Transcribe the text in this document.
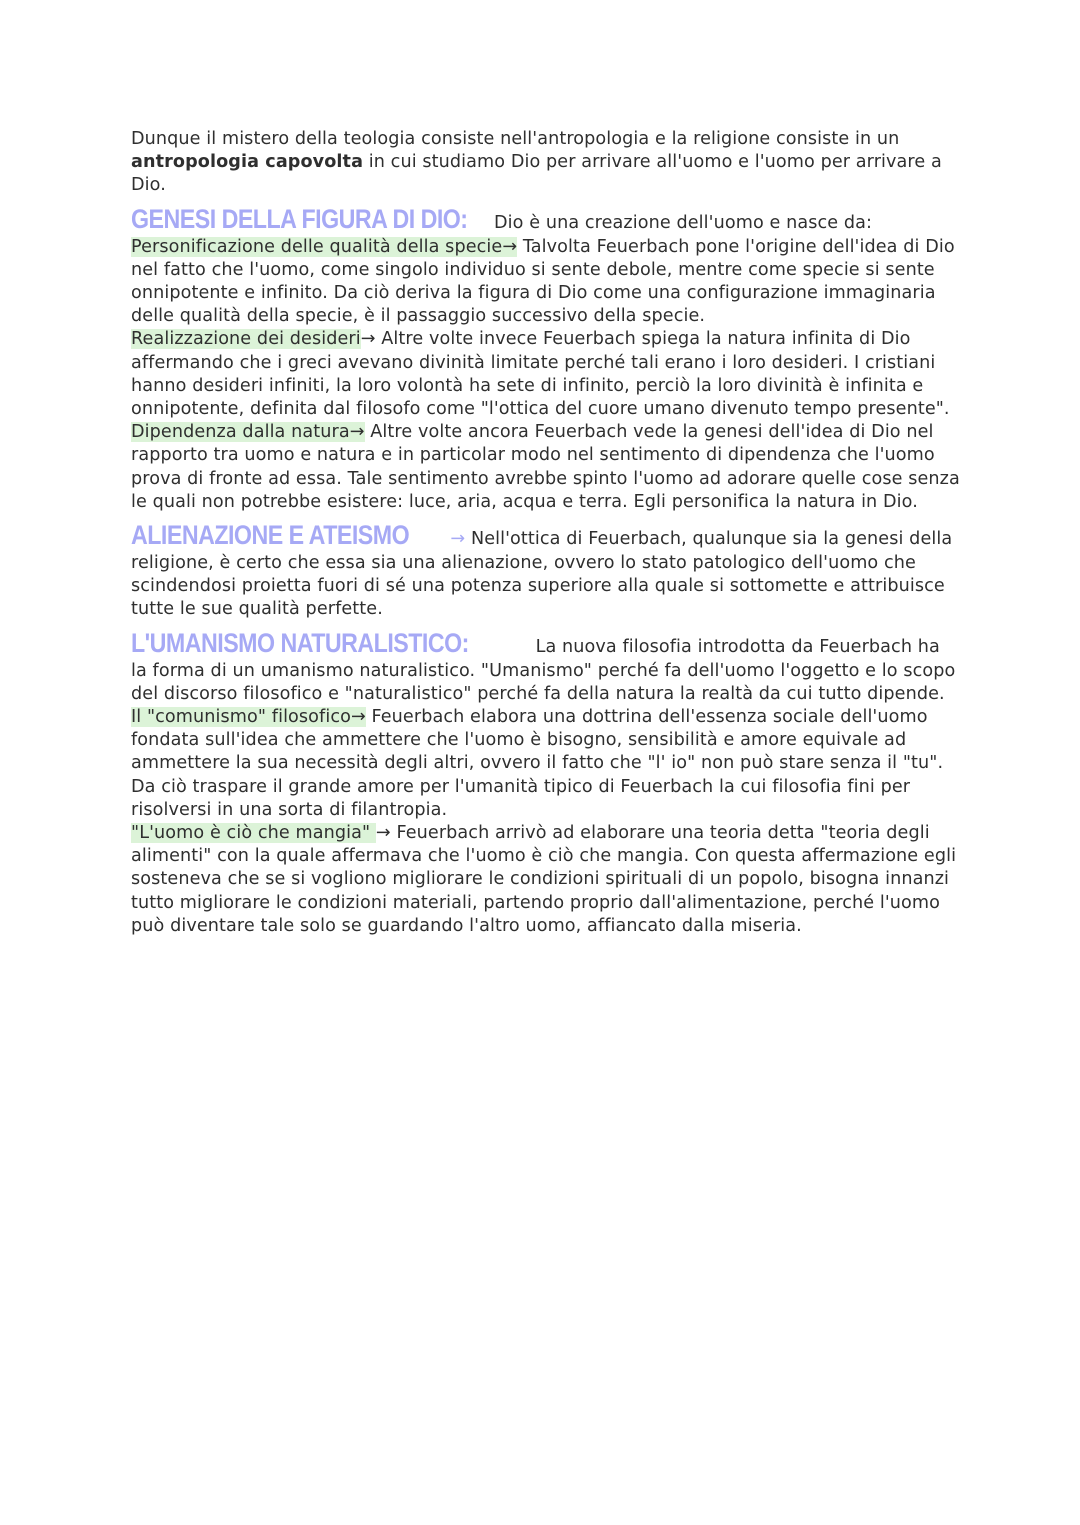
Dunque il mistero della teologia consiste nell'antropologia e la religione consiste in un antropologia capovolta in cui studiamo Dio per arrivare all'uomo e l'uomo per arrivare a Dio.

GENESI DELLA FIGURA DI DIO: Dio è una creazione dell'uomo e nasce da:

Personificazione delle qualità della specie→ Talvolta Feuerbach pone l'origine dell'idea di Dio nel fatto che l'uomo, come singolo individuo si sente debole, mentre come specie si sente onnipotente e infinito. Da ciò deriva la figura di Dio come una configurazione immaginaria delle qualità della specie, è il passaggio successivo della specie.

Realizzazione dei desideri→ Altre volte invece Feuerbach spiega la natura infinita di Dio affermando che i greci avevano divinità limitate perché tali erano i loro desideri. I cristiani hanno desideri infiniti, la loro volontà ha sete di infinito, perciò la loro divinità è infinita e onnipotente, definita dal filosofo come "l'ottica del cuore umano divenuto tempo presente".

Dipendenza dalla natura→ Altre volte ancora Feuerbach vede la genesi dell'idea di Dio nel rapporto tra uomo e natura e in particolar modo nel sentimento di dipendenza che l'uomo prova di fronte ad essa. Tale sentimento avrebbe spinto l'uomo ad adorare quelle cose senza le quali non potrebbe esistere: luce, aria, acqua e terra. Egli personifica la natura in Dio.

ALIENAZIONE E ATEISMO → Nell'ottica di Feuerbach, qualunque sia la genesi della religione, è certo che essa sia una alienazione, ovvero lo stato patologico dell'uomo che scindendosi proietta fuori di sé una potenza superiore alla quale si sottomette e attribuisce tutte le sue qualità perfette.

L'UMANISMO NATURALISTICO:	La nuova filosofia introdotta da Feuerbach ha la forma di un umanismo naturalistico. "Umanismo" perché fa dell'uomo l'oggetto e lo scopo del discorso filosofico e "naturalistico" perché fa della natura la realtà da cui tutto dipende.

Il "comunismo" filosofico→ Feuerbach elabora una dottrina dell'essenza sociale dell'uomo fondata sull'idea che ammettere che l'uomo è bisogno, sensibilità e amore equivale ad ammettere la sua necessità degli altri, ovvero il fatto che "l' io" non può stare senza il "tu".

Da ciò traspare il grande amore per l'umanità tipico di Feuerbach la cui filosofia fini per risolversi in una sorta di filantropia.

"L'uomo è ciò che mangia" → Feuerbach arrivò ad elaborare una teoria detta "teoria degli alimenti" con la quale affermava che l'uomo è ciò che mangia. Con questa affermazione egli sosteneva che se si vogliono migliorare le condizioni spirituali di un popolo, bisogna innanzi tutto migliorare le condizioni materiali, partendo proprio dall'alimentazione, perché l'uomo può diventare tale solo se guardando l'altro uomo, affiancato dalla miseria.
